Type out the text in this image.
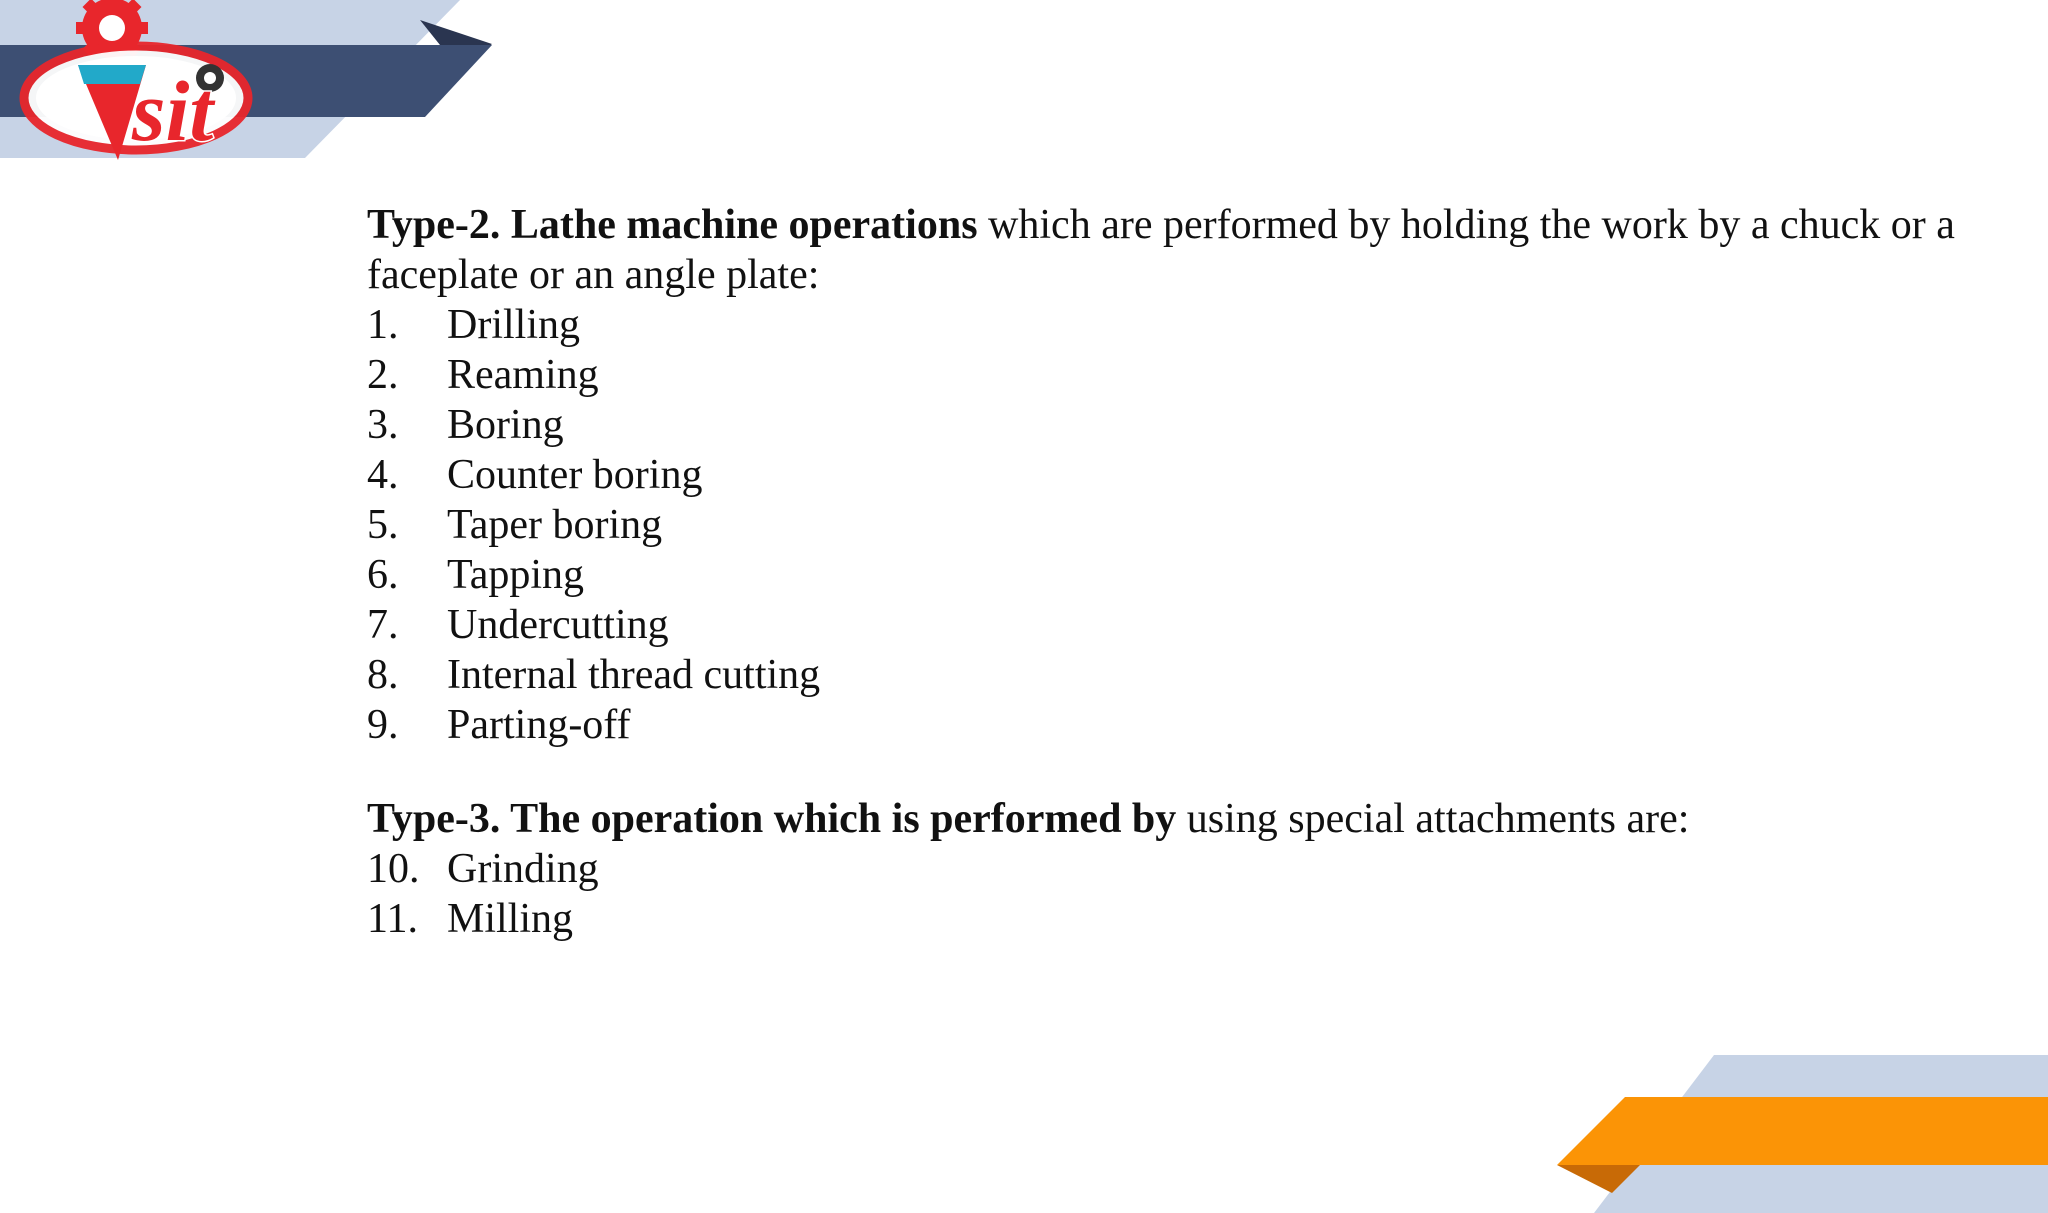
sit

Type-2. Lathe machine operations which are performed by holding the work by a chuck or a faceplate or an angle plate:

1.	Drilling
2.	Reaming
3.	Boring
4.	Counter boring
5.	Taper boring
6.	Tapping
7.	Undercutting
8.	Internal thread cutting
9.	Parting-off

Type-3. The operation which is performed by using special attachments are:

10. Grinding
11. Milling
